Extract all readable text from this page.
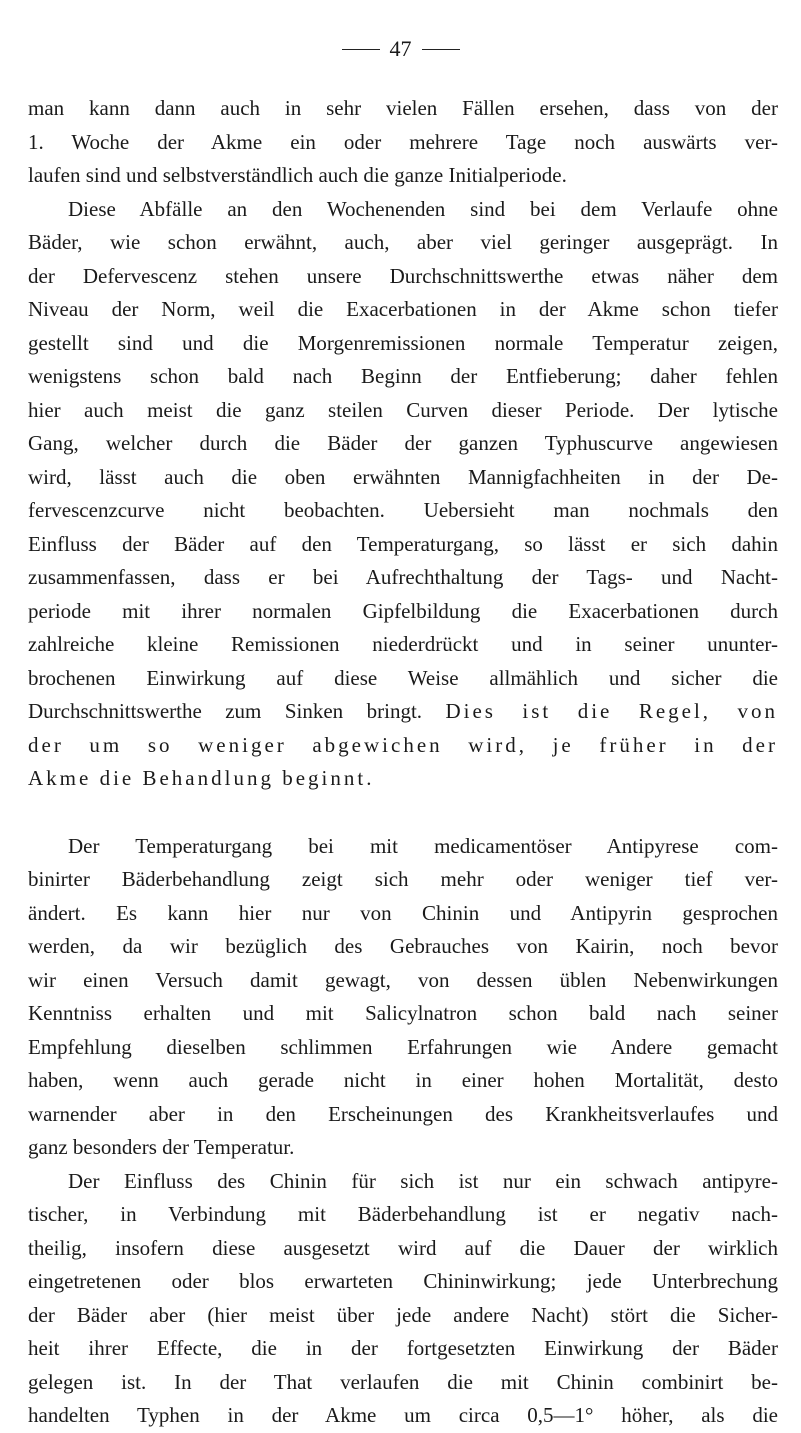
47
man kann dann auch in sehr vielen Fällen ersehen, dass von der
1. Woche der Akme ein oder mehrere Tage noch auswärts ver-
laufen sind und selbstverständlich auch die ganze Initialperiode.
Diese Abfälle an den Wochenenden sind bei dem Verlaufe ohne
Bäder, wie schon erwähnt, auch, aber viel geringer ausgeprägt. In
der Defervescenz stehen unsere Durchschnittswerthe etwas näher dem
Niveau der Norm, weil die Exacerbationen in der Akme schon tiefer
gestellt sind und die Morgenremissionen normale Temperatur zeigen,
wenigstens schon bald nach Beginn der Entfieberung; daher fehlen
hier auch meist die ganz steilen Curven dieser Periode. Der lytische
Gang, welcher durch die Bäder der ganzen Typhuscurve angewiesen
wird, lässt auch die oben erwähnten Mannigfachheiten in der De-
fervescenzcurve nicht beobachten. Uebersieht man nochmals den
Einfluss der Bäder auf den Temperaturgang, so lässt er sich dahin
zusammenfassen, dass er bei Aufrechthaltung der Tags- und Nacht-
periode mit ihrer normalen Gipfelbildung die Exacerbationen durch
zahlreiche kleine Remissionen niederdrückt und in seiner ununter-
brochenen Einwirkung auf diese Weise allmählich und sicher die
Durchschnittswerthe zum Sinken bringt. Dies ist die Regel, von
der um so weniger abgewichen wird, je früher in der
Akme die Behandlung beginnt.
Der Temperaturgang bei mit medicamentöser Antipyrese com-
binirter Bäderbehandlung zeigt sich mehr oder weniger tief ver-
ändert. Es kann hier nur von Chinin und Antipyrin gesprochen
werden, da wir bezüglich des Gebrauches von Kairin, noch bevor
wir einen Versuch damit gewagt, von dessen üblen Nebenwirkungen
Kenntniss erhalten und mit Salicylnatron schon bald nach seiner
Empfehlung dieselben schlimmen Erfahrungen wie Andere gemacht
haben, wenn auch gerade nicht in einer hohen Mortalität, desto
warnender aber in den Erscheinungen des Krankheitsverlaufes und
ganz besonders der Temperatur.
Der Einfluss des Chinin für sich ist nur ein schwach antipyre-
tischer, in Verbindung mit Bäderbehandlung ist er negativ nach-
theilig, insofern diese ausgesetzt wird auf die Dauer der wirklich
eingetretenen oder blos erwarteten Chininwirkung; jede Unterbrechung
der Bäder aber (hier meist über jede andere Nacht) stört die Sicher-
heit ihrer Effecte, die in der fortgesetzten Einwirkung der Bäder
gelegen ist. In der That verlaufen die mit Chinin combinirt be-
handelten Typhen in der Akme um circa 0,5—1° höher, als die
